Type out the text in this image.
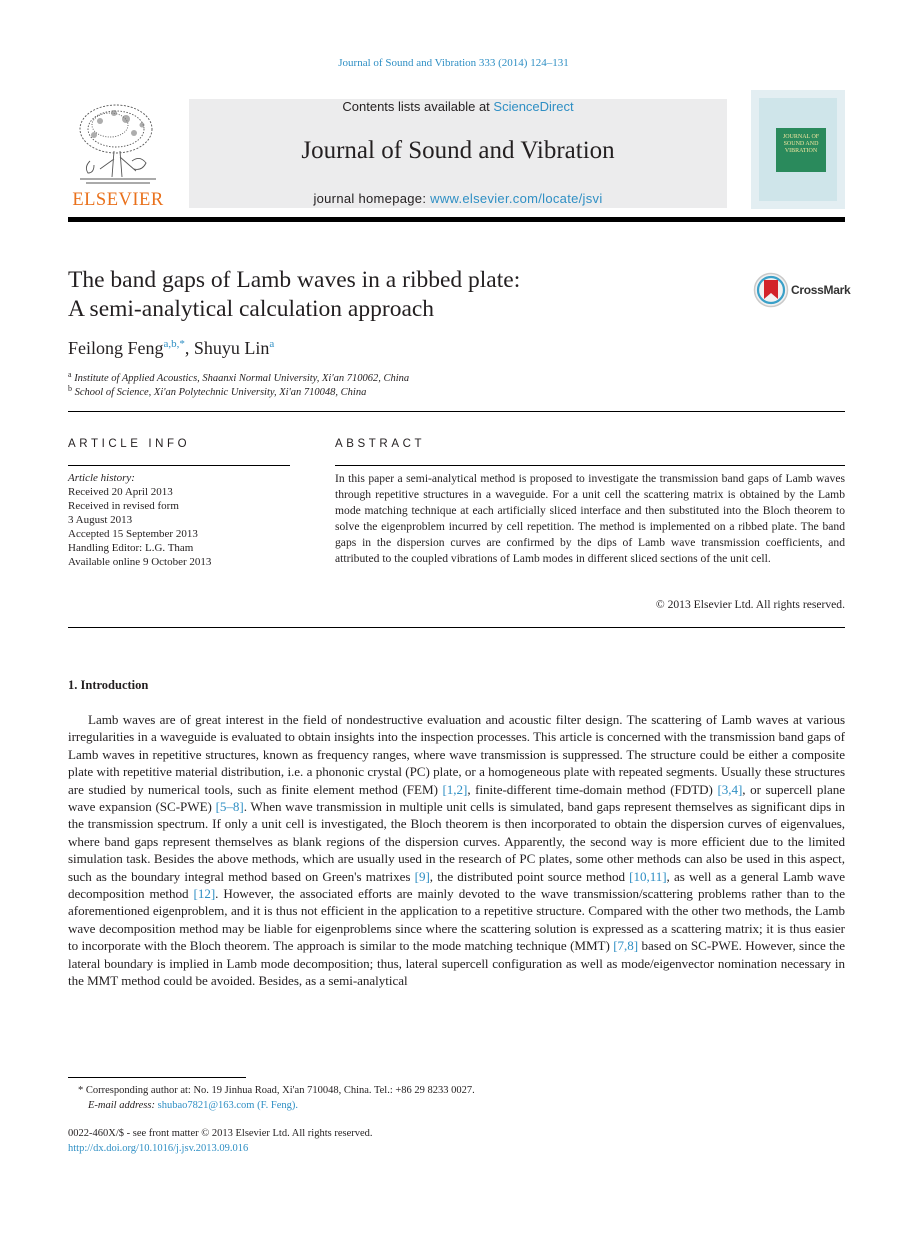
Journal of Sound and Vibration 333 (2014) 124–131
ELSEVIER
Contents lists available at ScienceDirect
Journal of Sound and Vibration
journal homepage: www.elsevier.com/locate/jsvi
JOURNAL OF SOUND AND VIBRATION
The band gaps of Lamb waves in a ribbed plate:
A semi-analytical calculation approach
CrossMark
Feilong Feng$^{a,b,*}$, Shuyu Lin$^a$
$^a$ Institute of Applied Acoustics, Shaanxi Normal University, Xi'an 710062, China
$^b$ School of Science, Xi'an Polytechnic University, Xi'an 710048, China
ARTICLE INFO
Article history:
Received 20 April 2013
Received in revised form
3 August 2013
Accepted 15 September 2013
Handling Editor: L.G. Tham
Available online 9 October 2013
ABSTRACT

In this paper a semi-analytical method is proposed to investigate the transmission band gaps of Lamb waves through repetitive structures in a waveguide. For a unit cell the scattering matrix is obtained by the Lamb mode matching technique at each artificially sliced interface and then substituted into the Bloch theorem to solve the eigenproblem incurred by cell repetition. The method is implemented on a ribbed plate. The band gaps in the dispersion curves are confirmed by the dips of Lamb wave transmission coefficients, and attributed to the coupled vibrations of Lamb modes in different sliced sections of the unit cell.

© 2013 Elsevier Ltd. All rights reserved.
1. Introduction

Lamb waves are of great interest in the field of nondestructive evaluation and acoustic filter design. The scattering of Lamb waves at various irregularities in a waveguide is evaluated to obtain insights into the inspection processes. This article is concerned with the transmission band gaps of Lamb waves in repetitive structures, known as frequency ranges, where wave transmission is suppressed. The structure could be either a composite plate with repetitive material distribution, i.e. a phononic crystal (PC) plate, or a homogeneous plate with repeated segments. Usually these structures are studied by numerical tools, such as finite element method (FEM) [1,2], finite-different time-domain method (FDTD) [3,4], or supercell plane wave expansion (SC-PWE) [5–8]. When wave transmission in multiple unit cells is simulated, band gaps represent themselves as significant dips in the transmission spectrum. If only a unit cell is investigated, the Bloch theorem is then incorporated to obtain the dispersion curves of eigenvalues, where band gaps represent themselves as blank regions of the dispersion curves. Apparently, the second way is more efficient due to the limited simulation task. Besides the above methods, which are usually used in the research of PC plates, some other methods can also be used in this aspect, such as the boundary integral method based on Green's matrixes [9], the distributed point source method [10,11], as well as a general Lamb wave decomposition method [12]. However, the associated efforts are mainly devoted to the wave transmission/scattering problems rather than to the aforementioned eigenproblem, and it is thus not efficient in the application to a repetitive structure. Compared with the other two methods, the Lamb wave decomposition method may be liable for eigenproblems since where the scattering solution is expressed as a scattering matrix; it is thus easier to incorporate with the Bloch theorem. The approach is similar to the mode matching technique (MMT) [7,8] based on SC-PWE. However, since the lateral boundary is implied in Lamb mode decomposition; thus, lateral supercell configuration as well as mode/eigenvector nomination necessary in the MMT method could be avoided. Besides, as a semi-analytical

* Corresponding author at: No. 19 Jinhua Road, Xi'an 710048, China. Tel.: +86 29 8233 0027.
E-mail address: shubao7821@163.com (F. Feng).
0022-460X/$ - see front matter © 2013 Elsevier Ltd. All rights reserved.
http://dx.doi.org/10.1016/j.jsv.2013.09.016
